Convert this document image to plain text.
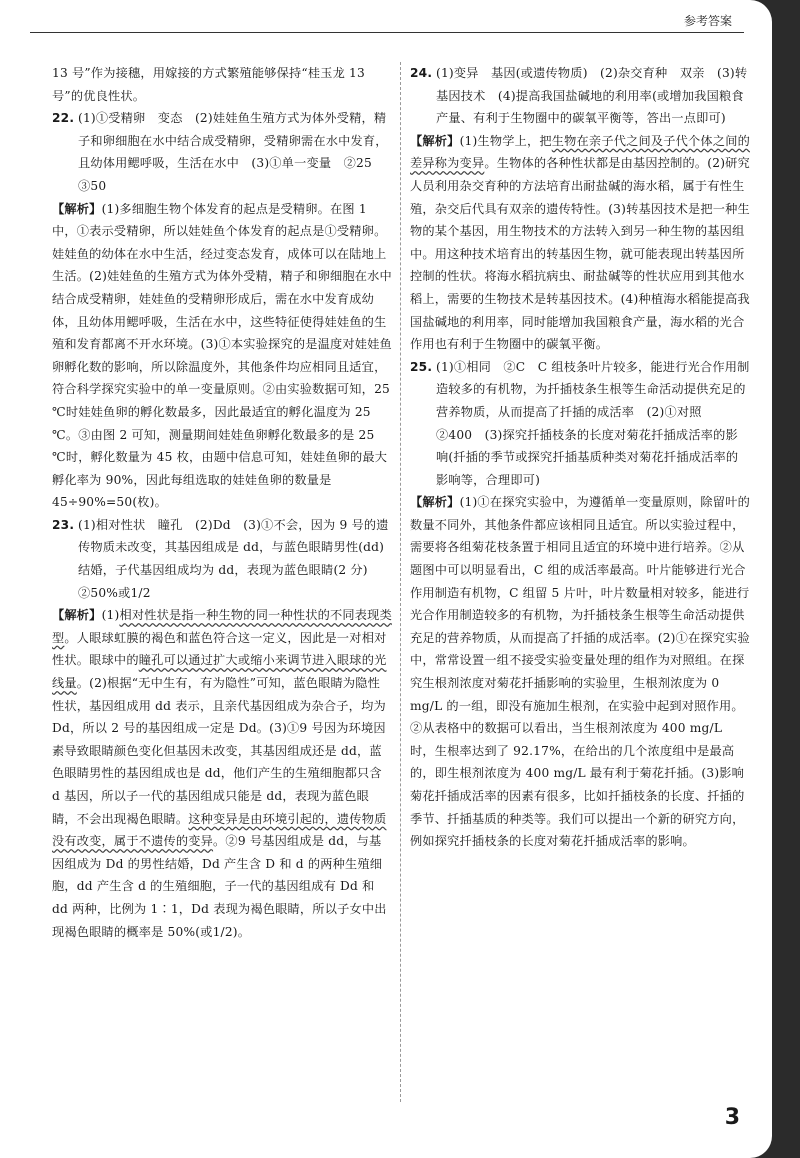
参考答案

13 号”作为接穗，用嫁接的方式繁殖能够保持“桂玉龙 13 号”的优良性状。

22. (1)①受精卵　变态　(2)娃娃鱼生殖方式为体外受精，精子和卵细胞在水中结合成受精卵，受精卵需在水中发育，且幼体用鳃呼吸，生活在水中　(3)①单一变量　②25　③50

【解析】(1)多细胞生物个体发育的起点是受精卵。在图 1 中，①表示受精卵，所以娃娃鱼个体发育的起点是①受精卵。娃娃鱼的幼体在水中生活，经过变态发育，成体可以在陆地上生活。(2)娃娃鱼的生殖方式为体外受精，精子和卵细胞在水中结合成受精卵，娃娃鱼的受精卵形成后，需在水中发育成幼体，且幼体用鳃呼吸，生活在水中，这些特征使得娃娃鱼的生殖和发育都离不开水环境。(3)①本实验探究的是温度对娃娃鱼卵孵化数的影响，所以除温度外，其他条件均应相同且适宜，符合科学探究实验中的单一变量原则。②由实验数据可知，25 ℃时娃娃鱼卵的孵化数最多，因此最适宜的孵化温度为 25 ℃。③由图 2 可知，测量期间娃娃鱼卵孵化数最多的是 25 ℃时，孵化数量为 45 枚，由题中信息可知，娃娃鱼卵的最大孵化率为 90%，因此每组选取的娃娃鱼卵的数量是 45÷90%=50(枚)。

23. (1)相对性状　瞳孔　(2)Dd　(3)①不会，因为 9 号的遗传物质未改变，其基因组成是 dd，与蓝色眼睛男性(dd)结婚，子代基因组成均为 dd，表现为蓝色眼睛(2 分)　②50%或1/2

【解析】(1)相对性状是指一种生物的同一种性状的不同表现类型。人眼球虹膜的褐色和蓝色符合这一定义，因此是一对相对性状。眼球中的瞳孔可以通过扩大或缩小来调节进入眼球的光线量。(2)根据“无中生有，有为隐性”可知，蓝色眼睛为隐性性状，基因组成用 dd 表示，且亲代基因组成为杂合子，均为 Dd，所以 2 号的基因组成一定是 Dd。(3)①9 号因为环境因素导致眼睛颜色变化但基因未改变，其基因组成还是 dd，蓝色眼睛男性的基因组成也是 dd，他们产生的生殖细胞都只含 d 基因，所以子一代的基因组成只能是 dd，表现为蓝色眼睛，不会出现褐色眼睛。这种变异是由环境引起的，遗传物质没有改变，属于不遗传的变异。②9 号基因组成是 dd，与基因组成为 Dd 的男性结婚，Dd 产生含 D 和 d 的两种生殖细胞，dd 产生含 d 的生殖细胞，子一代的基因组成有 Dd 和 dd 两种，比例为 1∶1，Dd 表现为褐色眼睛，所以子女中出现褐色眼睛的概率是 50%(或1/2)。

24. (1)变异　基因(或遗传物质)　(2)杂交育种　双亲　(3)转基因技术　(4)提高我国盐碱地的利用率(或增加我国粮食产量、有利于生物圈中的碳氧平衡等，答出一点即可)

【解析】(1)生物学上，把生物在亲子代之间及子代个体之间的差异称为变异。生物体的各种性状都是由基因控制的。(2)研究人员利用杂交育种的方法培育出耐盐碱的海水稻，属于有性生殖，杂交后代具有双亲的遗传特性。(3)转基因技术是把一种生物的某个基因，用生物技术的方法转入到另一种生物的基因组中。用这种技术培育出的转基因生物，就可能表现出转基因所控制的性状。将海水稻抗病虫、耐盐碱等的性状应用到其他水稻上，需要的生物技术是转基因技术。(4)种植海水稻能提高我国盐碱地的利用率，同时能增加我国粮食产量，海水稻的光合作用也有利于生物圈中的碳氧平衡。

25. (1)①相同　②C　C 组枝条叶片较多，能进行光合作用制造较多的有机物，为扦插枝条生根等生命活动提供充足的营养物质，从而提高了扦插的成活率　(2)①对照　②400　(3)探究扦插枝条的长度对菊花扦插成活率的影响(扦插的季节或探究扦插基质种类对菊花扦插成活率的影响等，合理即可)

【解析】(1)①在探究实验中，为遵循单一变量原则，除留叶的数量不同外，其他条件都应该相同且适宜。所以实验过程中，需要将各组菊花枝条置于相同且适宜的环境中进行培养。②从题图中可以明显看出，C 组的成活率最高。叶片能够进行光合作用制造有机物，C 组留 5 片叶，叶片数量相对较多，能进行光合作用制造较多的有机物，为扦插枝条生根等生命活动提供充足的营养物质，从而提高了扦插的成活率。(2)①在探究实验中，常常设置一组不接受实验变量处理的组作为对照组。在探究生根剂浓度对菊花扦插影响的实验里，生根剂浓度为 0 mg/L 的一组，即没有施加生根剂，在实验中起到对照作用。②从表格中的数据可以看出，当生根剂浓度为 400 mg/L 时，生根率达到了 92.17%，在给出的几个浓度组中是最高的，即生根剂浓度为 400 mg/L 最有利于菊花扦插。(3)影响菊花扦插成活率的因素有很多，比如扦插枝条的长度、扦插的季节、扦插基质的种类等。我们可以提出一个新的研究方向，例如探究扦插枝条的长度对菊花扦插成活率的影响。

3
